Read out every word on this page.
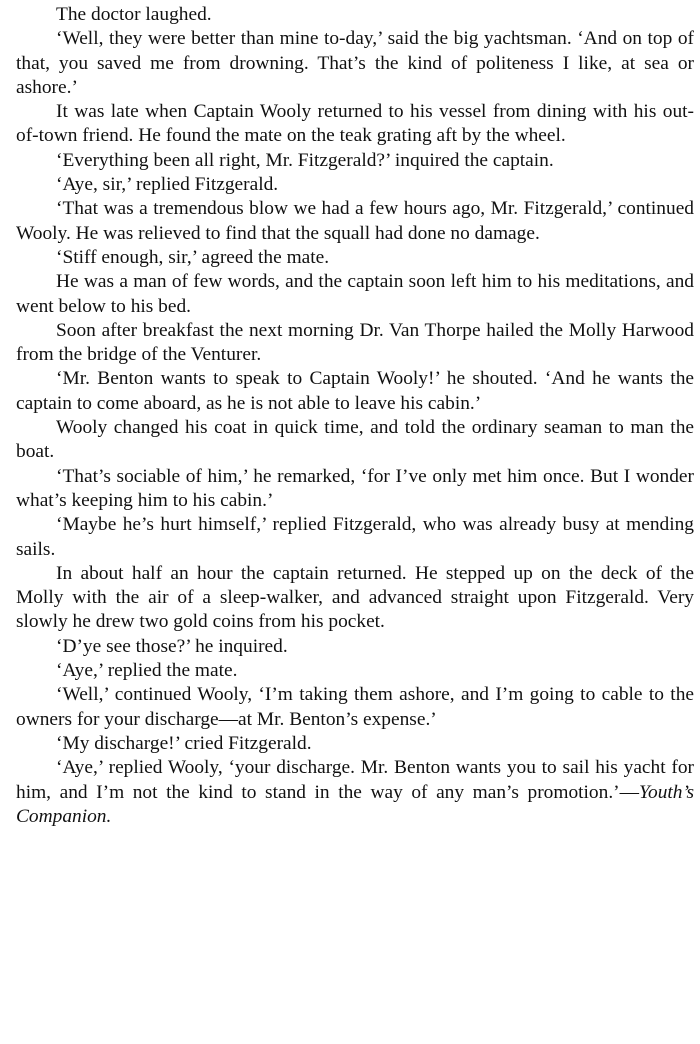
The doctor laughed.

‘Well, they were better than mine to-day,’ said the big yachtsman. ‘And on top of that, you saved me from drowning. That’s the kind of politeness I like, at sea or ashore.’

It was late when Captain Wooly returned to his vessel from dining with his out-of-town friend. He found the mate on the teak grating aft by the wheel.

‘Everything been all right, Mr. Fitzgerald?’ inquired the captain.

‘Aye, sir,’ replied Fitzgerald.

‘That was a tremendous blow we had a few hours ago, Mr. Fitzgerald,’ continued Wooly. He was relieved to find that the squall had done no damage.

‘Stiff enough, sir,’ agreed the mate.

He was a man of few words, and the captain soon left him to his meditations, and went below to his bed.

Soon after breakfast the next morning Dr. Van Thorpe hailed the Molly Harwood from the bridge of the Venturer.

‘Mr. Benton wants to speak to Captain Wooly!’ he shouted. ‘And he wants the captain to come aboard, as he is not able to leave his cabin.’

Wooly changed his coat in quick time, and told the ordinary seaman to man the boat.

‘That’s sociable of him,’ he remarked, ‘for I’ve only met him once. But I wonder what’s keeping him to his cabin.’

‘Maybe he’s hurt himself,’ replied Fitzgerald, who was already busy at mending sails.

In about half an hour the captain returned. He stepped up on the deck of the Molly with the air of a sleep-walker, and advanced straight upon Fitzgerald. Very slowly he drew two gold coins from his pocket.

‘D’ye see those?’ he inquired.

‘Aye,’ replied the mate.

‘Well,’ continued Wooly, ‘I’m taking them ashore, and I’m going to cable to the owners for your discharge—at Mr. Benton’s expense.’

‘My discharge!’ cried Fitzgerald.

‘Aye,’ replied Wooly, ‘your discharge. Mr. Benton wants you to sail his yacht for him, and I’m not the kind to stand in the way of any man’s promotion.’—Youth’s Companion.
